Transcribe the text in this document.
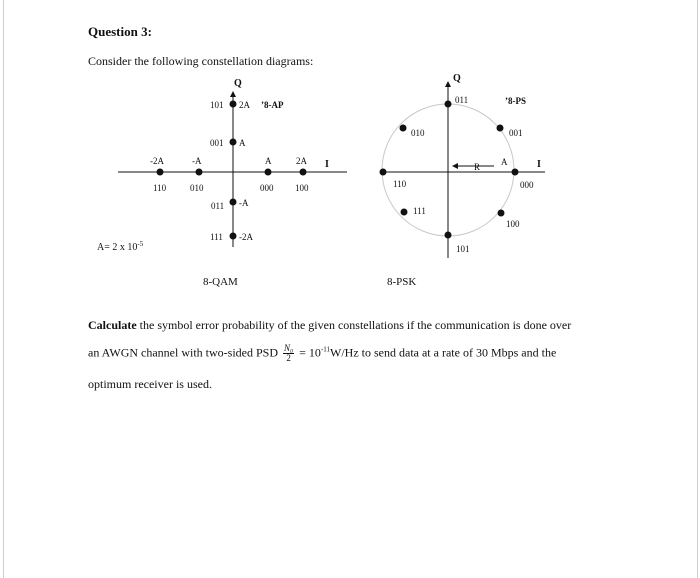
Question 3:
Consider the following constellation diagrams:
Q
I
’8-AP
2A
A
-A
-2A
-2A	-A	A	2A
101
001
011
111
110	010	000 100
A= 2 x $10^{-5}$
8-QAM
Q
I
’8-PS
R A
011
001
010
000
110
100
111
101
8-PSK
Calculate the symbol error probability of the given constellations if the communication is done over
an AWGN channel with two-sided PSD $\frac{\text{N₀}}{2} = 10^{-11}W/Hz$ to send data at a rate of 30 Mbps and the
optimum receiver is used.
